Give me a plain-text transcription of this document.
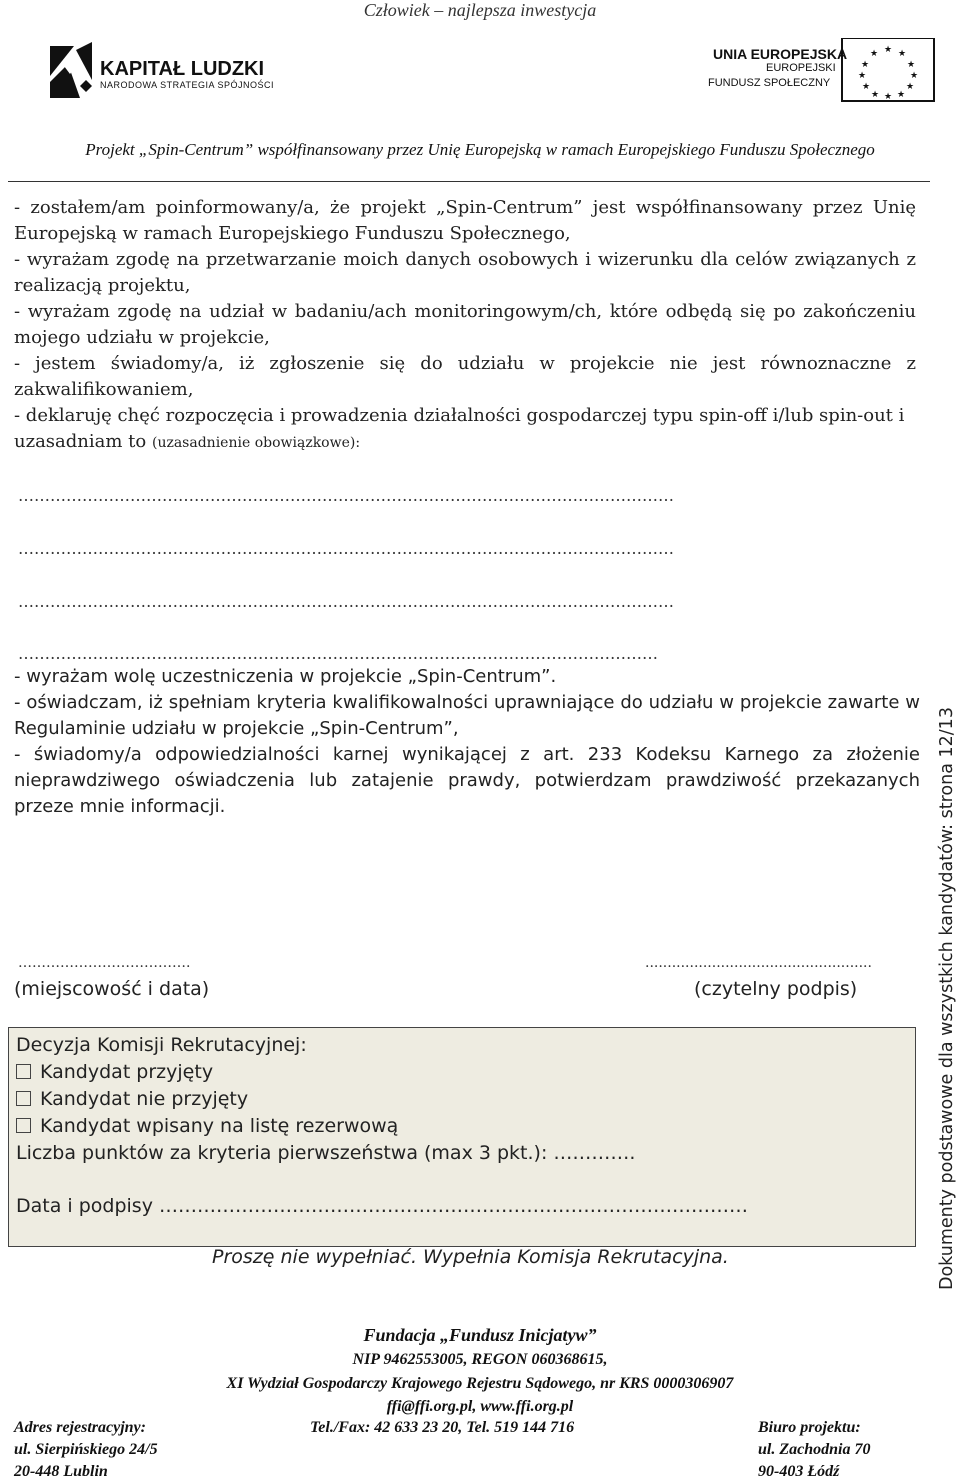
Człowiek – najlepsza inwestycja
KAPITAŁ LUDZKI
NARODOWA STRATEGIA SPÓJNOŚCI
★ ★
★
★
★
★
★
★
★
★
★
★
UNIA EUROPEJSKA
EUROPEJSKI
FUNDUSZ SPOŁECZNY
Projekt „Spin-Centrum” współfinansowany przez Unię Europejską w ramach Europejskiego Funduszu Społecznego

- zostałem/am poinformowany/a, że projekt „Spin-Centrum” jest współfinansowany przez Unię Europejską w ramach Europejskiego Funduszu Społecznego,

- wyrażam zgodę na przetwarzanie moich danych osobowych i wizerunku dla celów związanych z realizacją projektu,

- wyrażam zgodę na udział w badaniu/ach monitoringowym/ch, które odbędą się po zakończeniu mojego udziału w projekcie,

- jestem świadomy/a, iż zgłoszenie się do udziału w projekcie nie jest równoznaczne z zakwalifikowaniem,

- deklaruję chęć rozpoczęcia i prowadzenia działalności gospodarczej typu spin-off i/lub spin-out i uzasadniam to (uzasadnienie obowiązkowe):

……………………………………………………………………………………………………………
……………………………………………………………………………………………………………
……………………………………………………………………………………………………………
…………………………………………………………………………………………………………

- wyrażam wolę uczestniczenia w projekcie „Spin-Centrum”.

- oświadczam, iż spełniam kryteria kwalifikowalności uprawniające do udziału w projekcie zawarte w Regulaminie udziału w projekcie „Spin-Centrum”,

- świadomy/a odpowiedzialności karnej wynikającej z art. 233 Kodeksu Karnego za złożenie nieprawdziwego oświadczenia lub zatajenie prawdy, potwierdzam prawdziwość przekazanych przeze mnie informacji.

……………………………….
(miejscowość i data)
...................................................
(czytelny podpis)
Decyzja Komisji Rekrutacyjnej:
Kandydat przyjęty
Kandydat nie przyjęty
Kandydat wpisany na listę rezerwową
Liczba punktów za kryteria pierwszeństwa (max 3 pkt.): ………….
Data i podpisy …………………………………………………………………………………
Proszę nie wypełniać. Wypełnia Komisja Rekrutacyjna.	Dokumenty podstawowe dla wszystkich kandydatów: strona 12/13
Fundacja „Fundusz Inicjatyw”
NIP 9462553005, REGON 060368615,
XI Wydział Gospodarczy Krajowego Rejestru Sądowego, nr KRS 0000306907
ffi@ffi.org.pl, www.ffi.org.pl
Adres rejestracyjny:
ul. Sierpińskiego 24/5
20-448 Lublin
Tel./Fax: 42 633 23 20, Tel. 519 144 716	Biuro projektu:
ul. Zachodnia 70
90-403 Łódź
